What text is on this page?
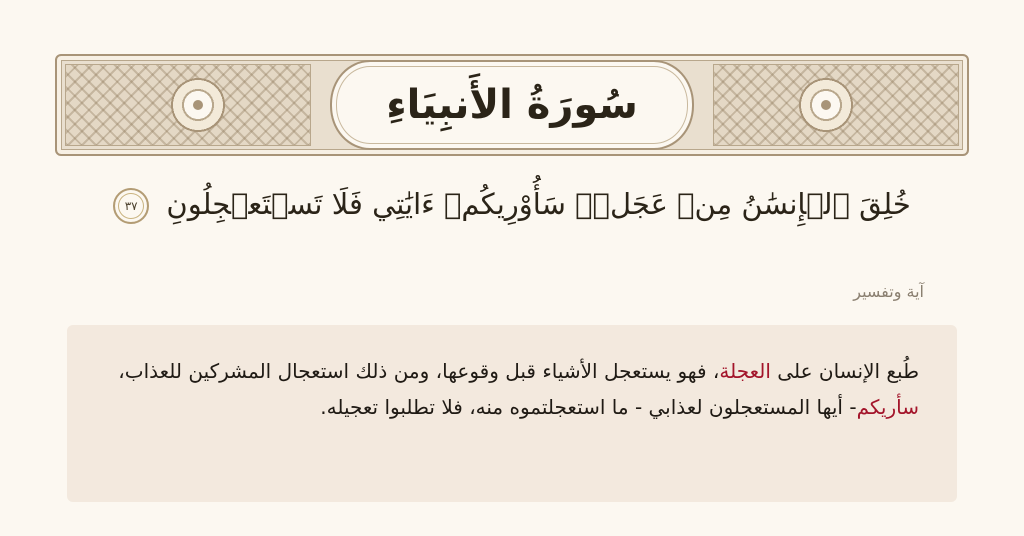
سُورَةُ الأَنبِيَاءِ
خُلِقَ ٱلۡإِنسَٰنُ مِنۡ عَجَلٖۚ سَأُوْرِيكُمۡ ءَايَٰتِي فَلَا تَسۡتَعۡجِلُونِ ٣٧
آية وتفسير
طُبع الإنسان على العجلة، فهو يستعجل الأشياء قبل وقوعها، ومن ذلك استعجال المشركين للعذاب، سأريكم- أيها المستعجلون لعذابي - ما استعجلتموه منه، فلا تطلبوا تعجيله.
